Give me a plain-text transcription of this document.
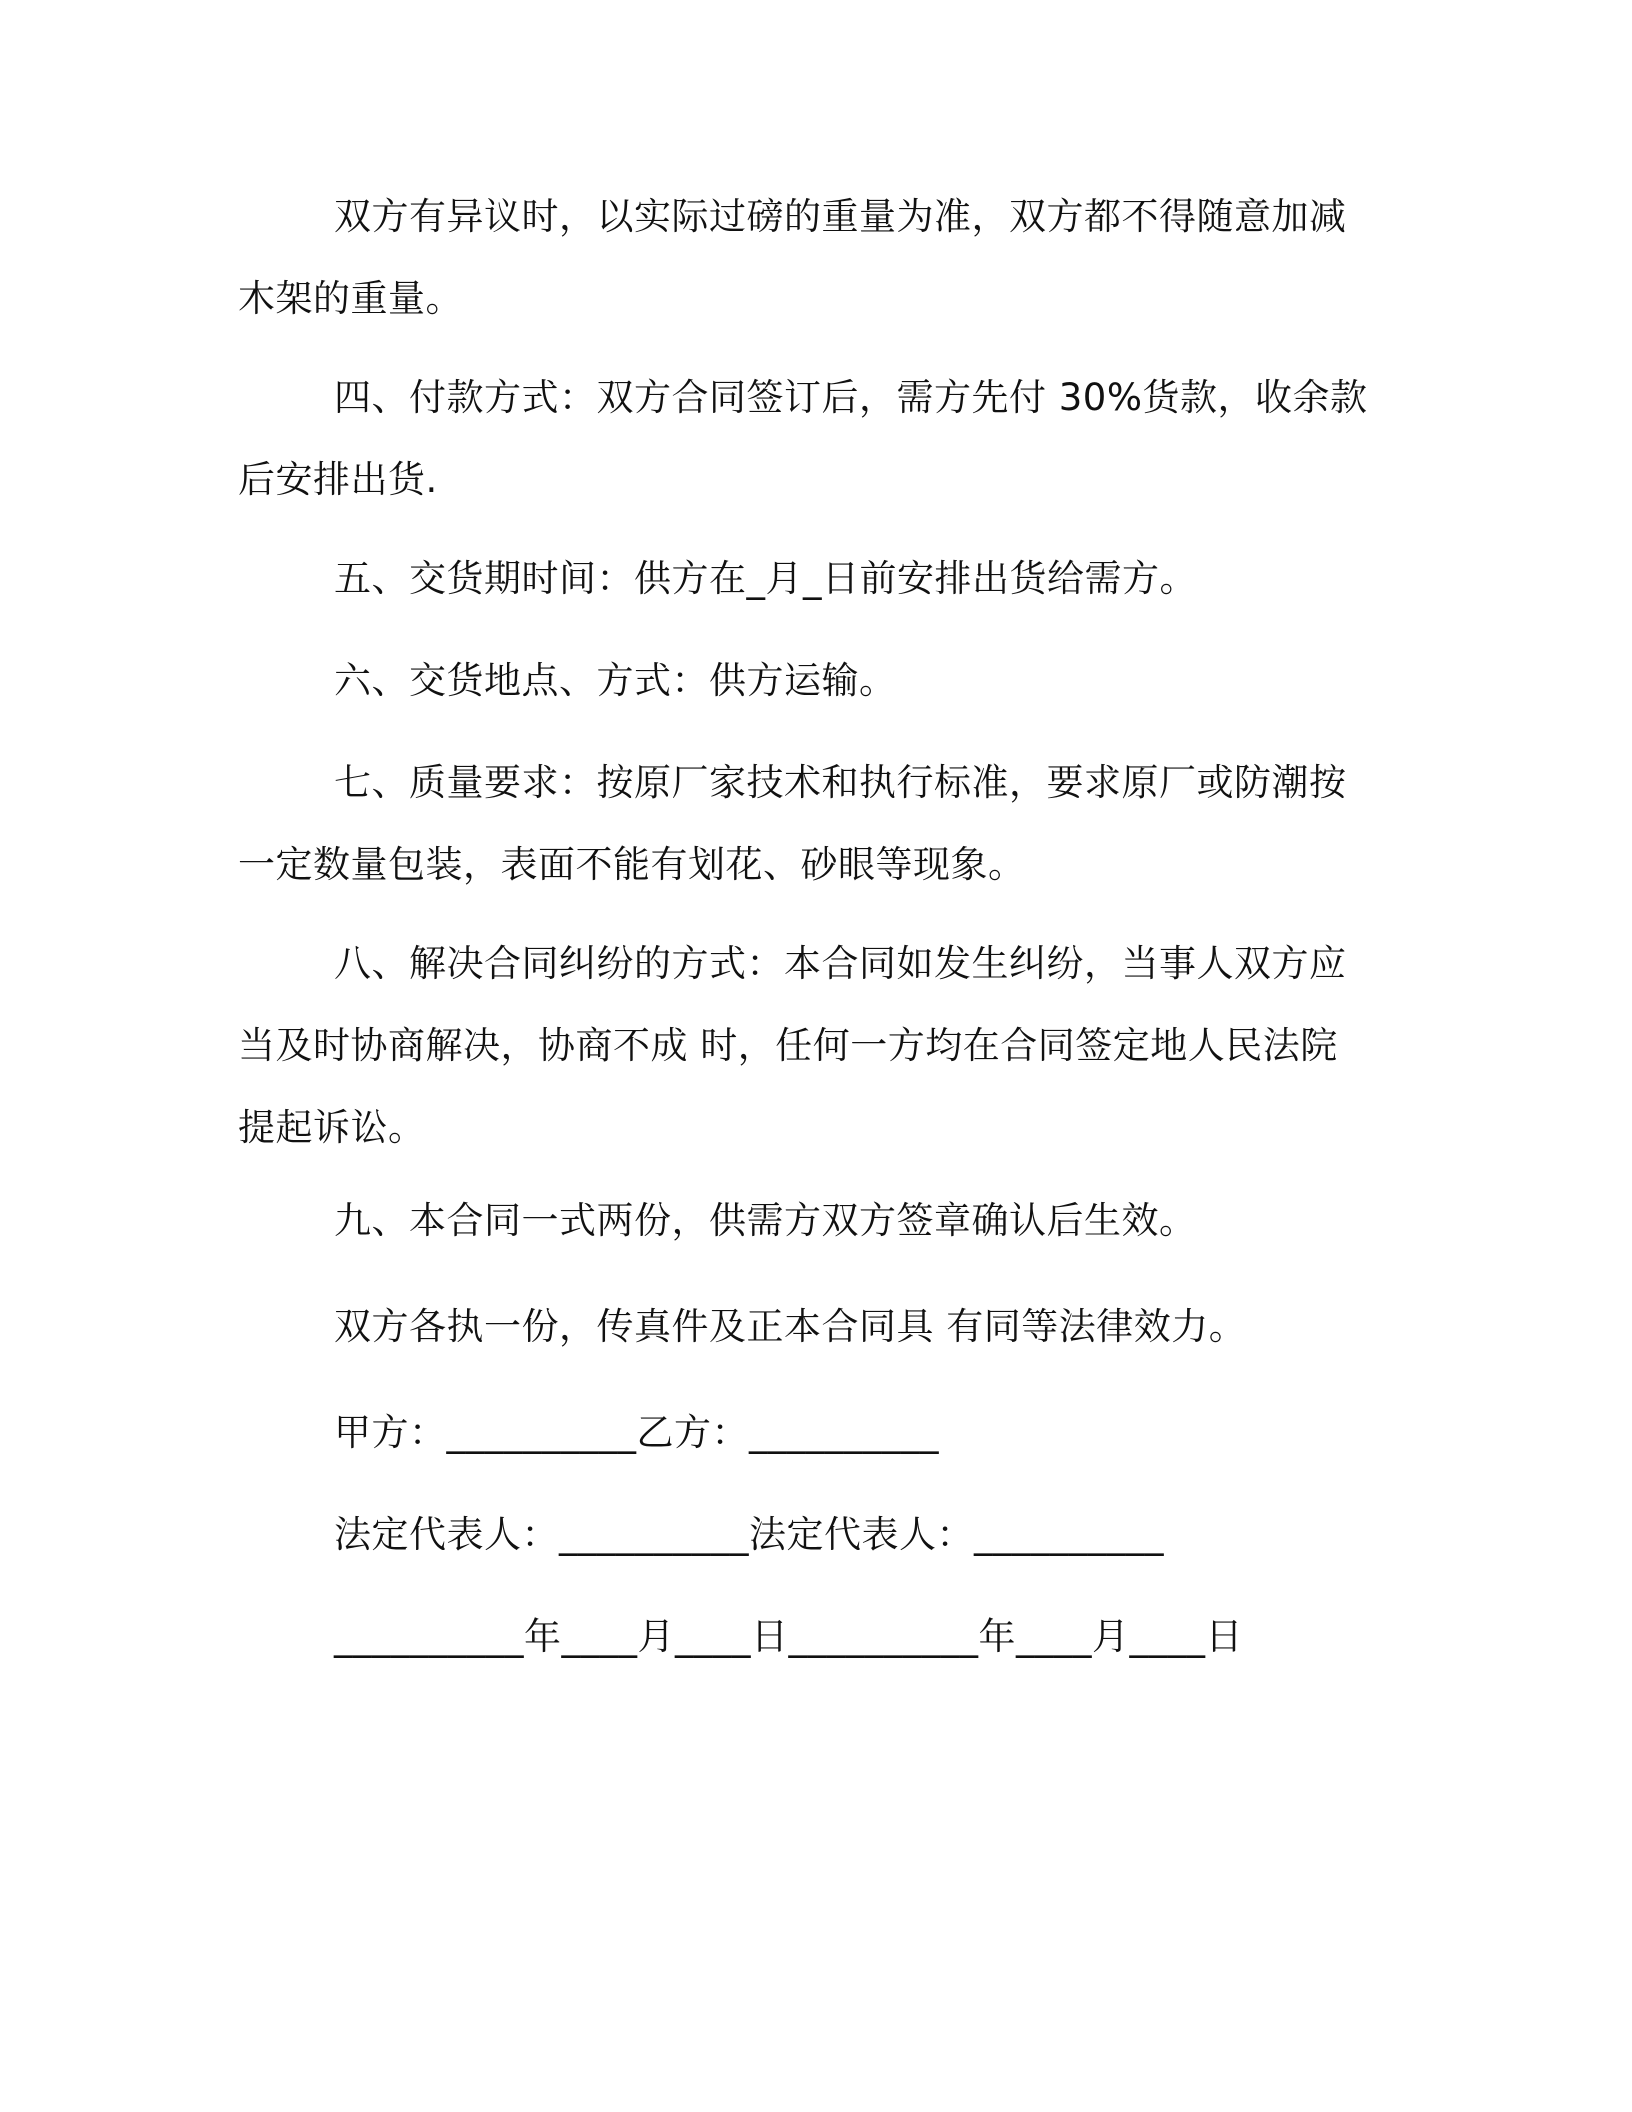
双方有异议时，以实际过磅的重量为准，双方都不得随意加减木架的重量。

四、付款方式：双方合同签订后，需方先付 30%货款，收余款后安排出货.

五、交货期时间：供方在_月_日前安排出货给需方。

六、交货地点、方式：供方运输。

七、质量要求：按原厂家技术和执行标准，要求原厂或防潮按一定数量包装，表面不能有划花、砂眼等现象。

八、解决合同纠纷的方式：本合同如发生纠纷，当事人双方应当及时协商解决，协商不成 时，任何一方均在合同签定地人民法院提起诉讼。

九、本合同一式两份，供需方双方签章确认后生效。

双方各执一份，传真件及正本合同具 有同等法律效力。

甲方：__________乙方：__________

法定代表人：__________法定代表人：__________

__________年____月____日__________年____月____日
